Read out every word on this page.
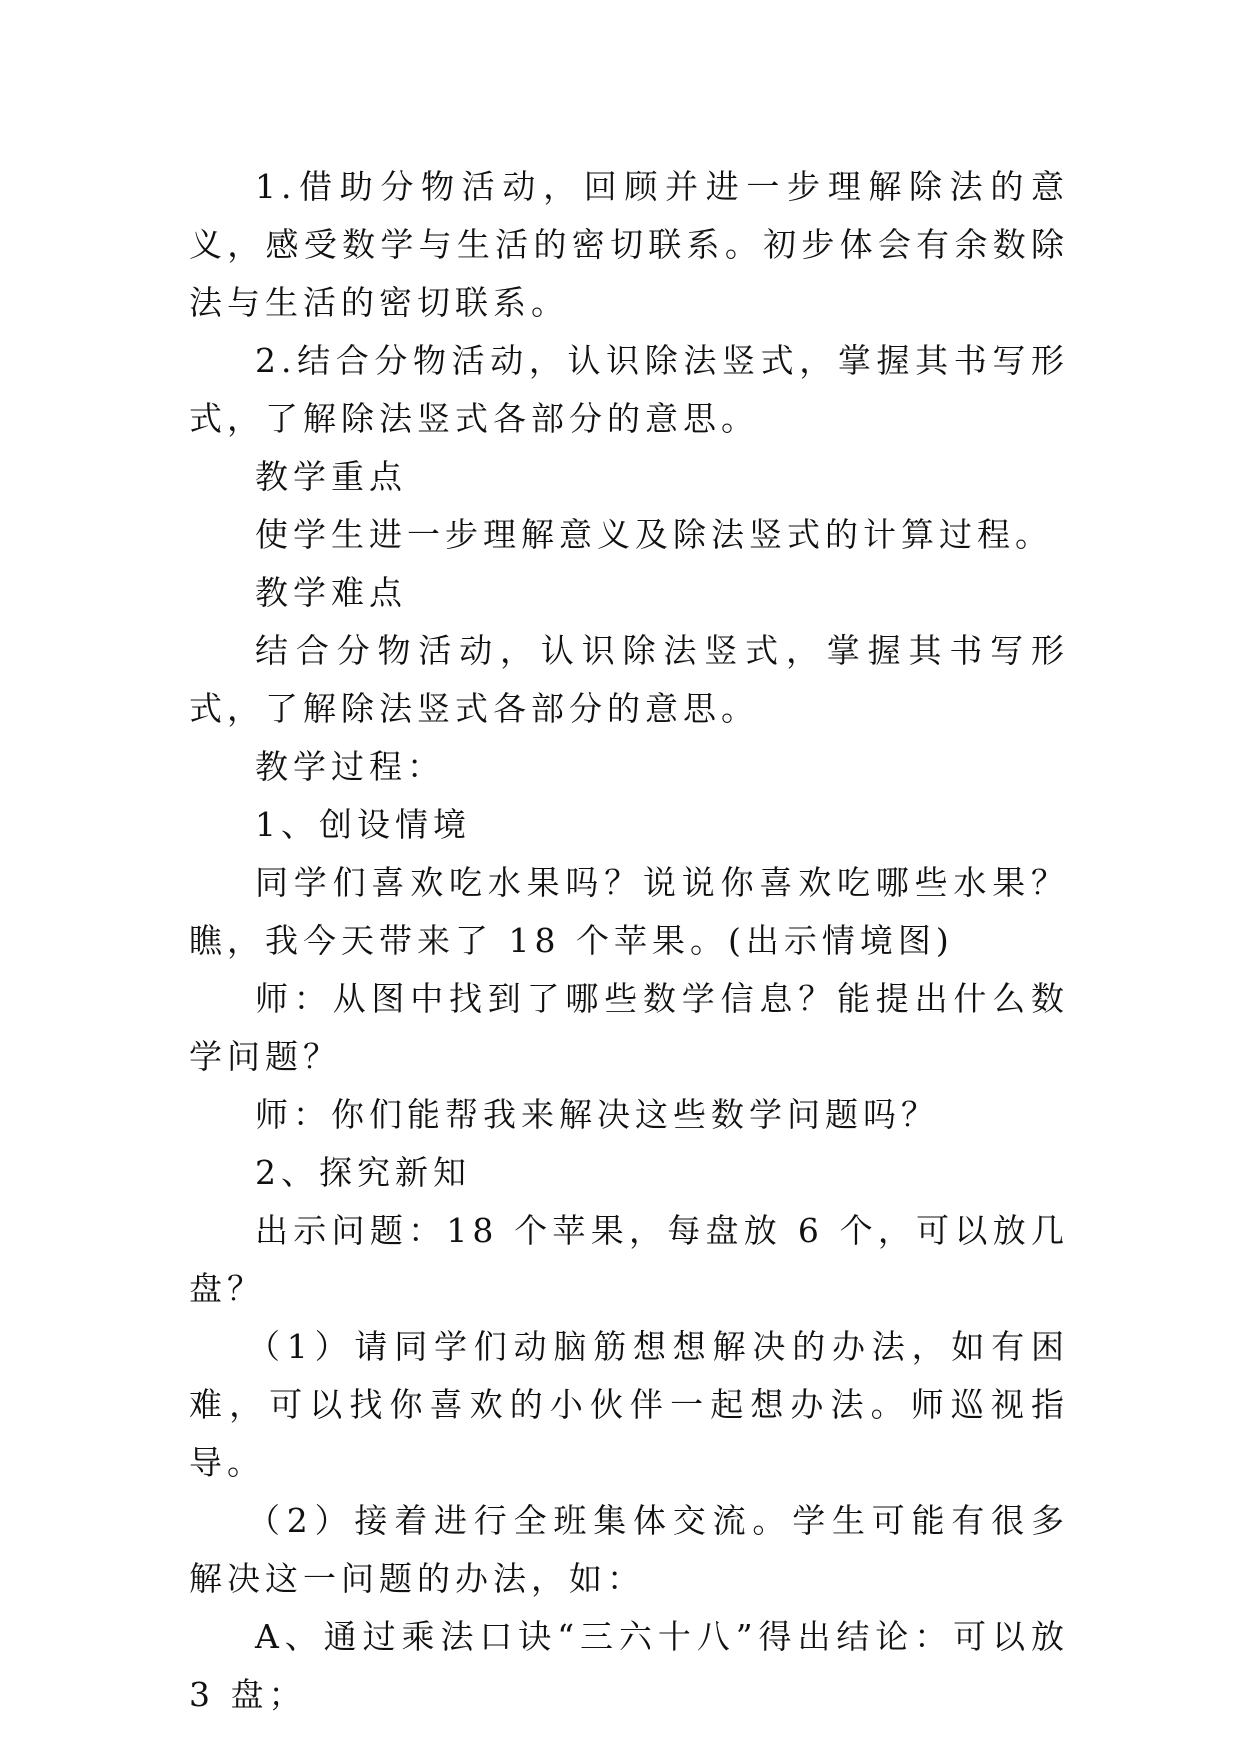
1.借助分物活动，回顾并进一步理解除法的意义，感受数学与生活的密切联系。初步体会有余数除法与生活的密切联系。

2.结合分物活动，认识除法竖式，掌握其书写形式，了解除法竖式各部分的意思。

教学重点

使学生进一步理解意义及除法竖式的计算过程。

教学难点

结合分物活动，认识除法竖式，掌握其书写形式，了解除法竖式各部分的意思。

教学过程：

1、创设情境

同学们喜欢吃水果吗？说说你喜欢吃哪些水果？瞧，我今天带来了 18 个苹果。(出示情境图)

师：从图中找到了哪些数学信息？能提出什么数学问题？

师：你们能帮我来解决这些数学问题吗？

2、探究新知

出示问题：18 个苹果，每盘放 6 个，可以放几盘？

（1）请同学们动脑筋想想解决的办法，如有困难，可以找你喜欢的小伙伴一起想办法。师巡视指导。

（2）接着进行全班集体交流。学生可能有很多解决这一问题的办法，如：

A、通过乘法口诀“三六十八”得出结论：可以放 3 盘；
